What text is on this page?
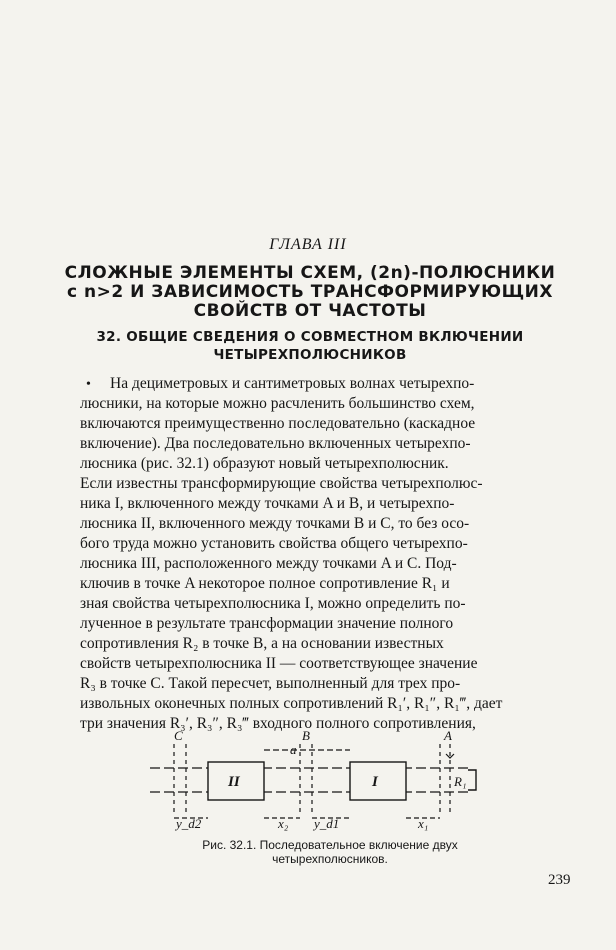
ГЛАВА III
СЛОЖНЫЕ ЭЛЕМЕНТЫ СХЕМ, (2n)-ПОЛЮСНИКИ
с n>2 И ЗАВИСИМОСТЬ ТРАНСФОРМИРУЮЩИХ
СВОЙСТВ ОТ ЧАСТОТЫ
32. ОБЩИЕ СВЕДЕНИЯ О СОВМЕСТНОМ ВКЛЮЧЕНИИ
ЧЕТЫРЕХПОЛЮСНИКОВ
• На дециметровых и сантиметровых волнах четырехпо-
люсники, на которые можно расчленить большинство схем,
включаются преимущественно последовательно (каскадное
включение). Два последовательно включенных четырехпо-
люсника (рис. 32.1) образуют новый четырехполюсник.
Если известны трансформирующие свойства четырехполюс-
ника I, включенного между точками A и B, и четырехпо-
люсника II, включенного между точками B и C, то без осо-
бого труда можно установить свойства общего четырехпо-
люсника III, расположенного между точками A и C. Под-
ключив в точке A некоторое полное сопротивление R₁ и
зная свойства четырехполюсника I, можно определить по-
лученное в результате трансформации значение полного
сопротивления R₂ в точке B, а на основании известных
свойств четырехполюсника II — соответствующее значение
R₃ в точке C. Такой пересчет, выполненный для трех про-
извольных оконечных полных сопротивлений R₁′, R₁″, R₁‴, дает
три значения R₃′, R₃″, R₃‴ входного полного сопротивления,
C	B	A
a
II	I	R₁
y_d2	x₂ y_d1	x₁
Рис. 32.1. Последовательное включение двух
четырехполюсников.
239
